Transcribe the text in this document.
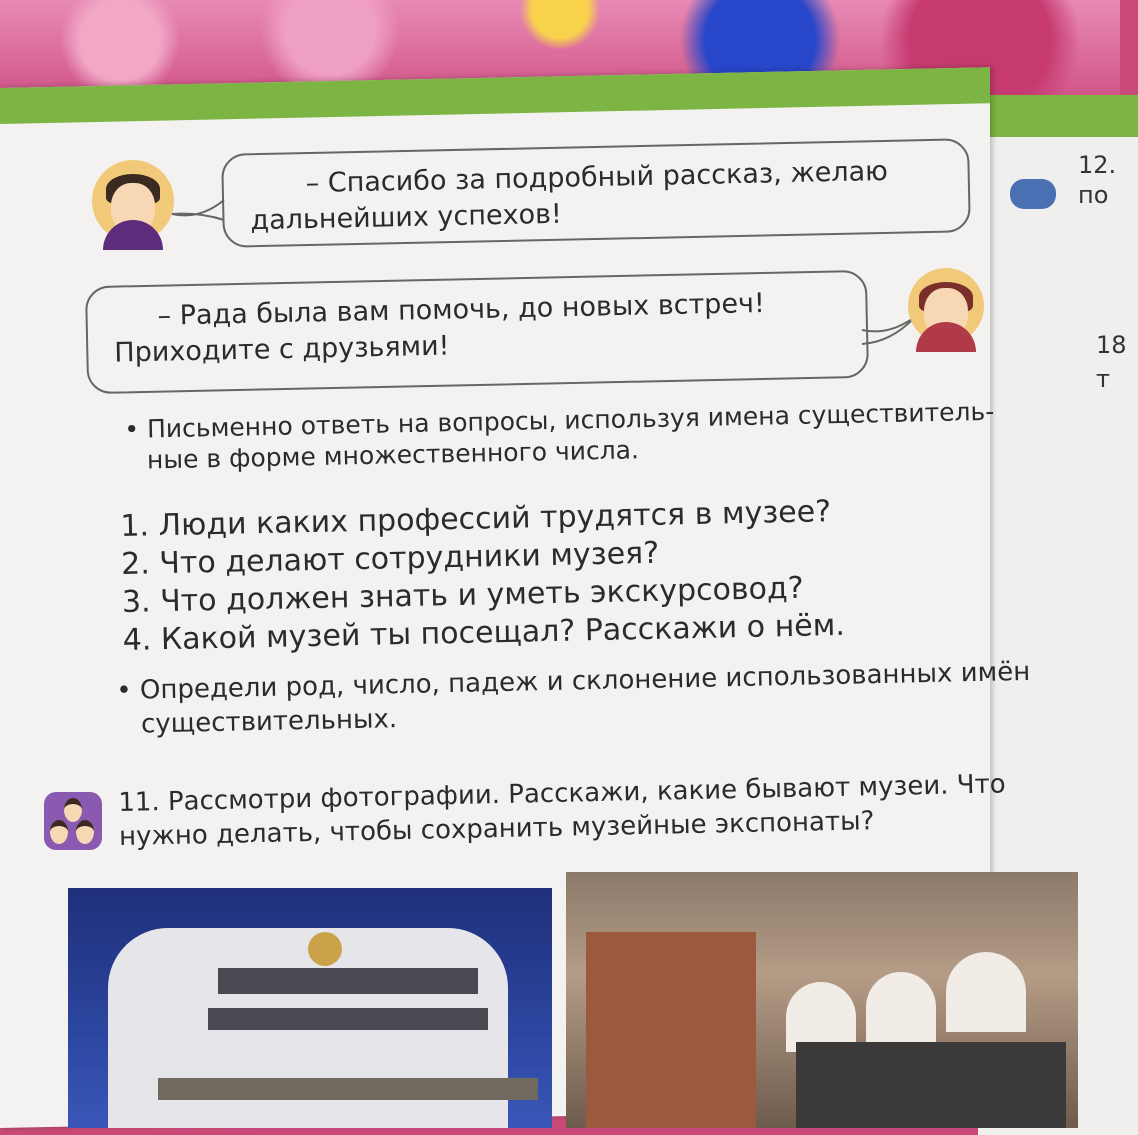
12.
по
18
т
– Спасибо за подробный рассказ, желаю
дальнейших успехов!
– Рада была вам помочь, до новых встреч!
Приходите с друзьями!
• Письменно ответь на вопросы, используя имена существитель-
ные в форме множественного числа.
1. Люди каких профессий трудятся в музее?
2. Что делают сотрудники музея?
3. Что должен знать и уметь экскурсовод?
4. Какой музей ты посещал? Расскажи о нём.
• Определи род, число, падеж и склонение использованных имён
существительных.
11. Рассмотри фотографии. Расскажи, какие бывают музеи. Что
нужно делать, чтобы сохранить музейные экспонаты?
